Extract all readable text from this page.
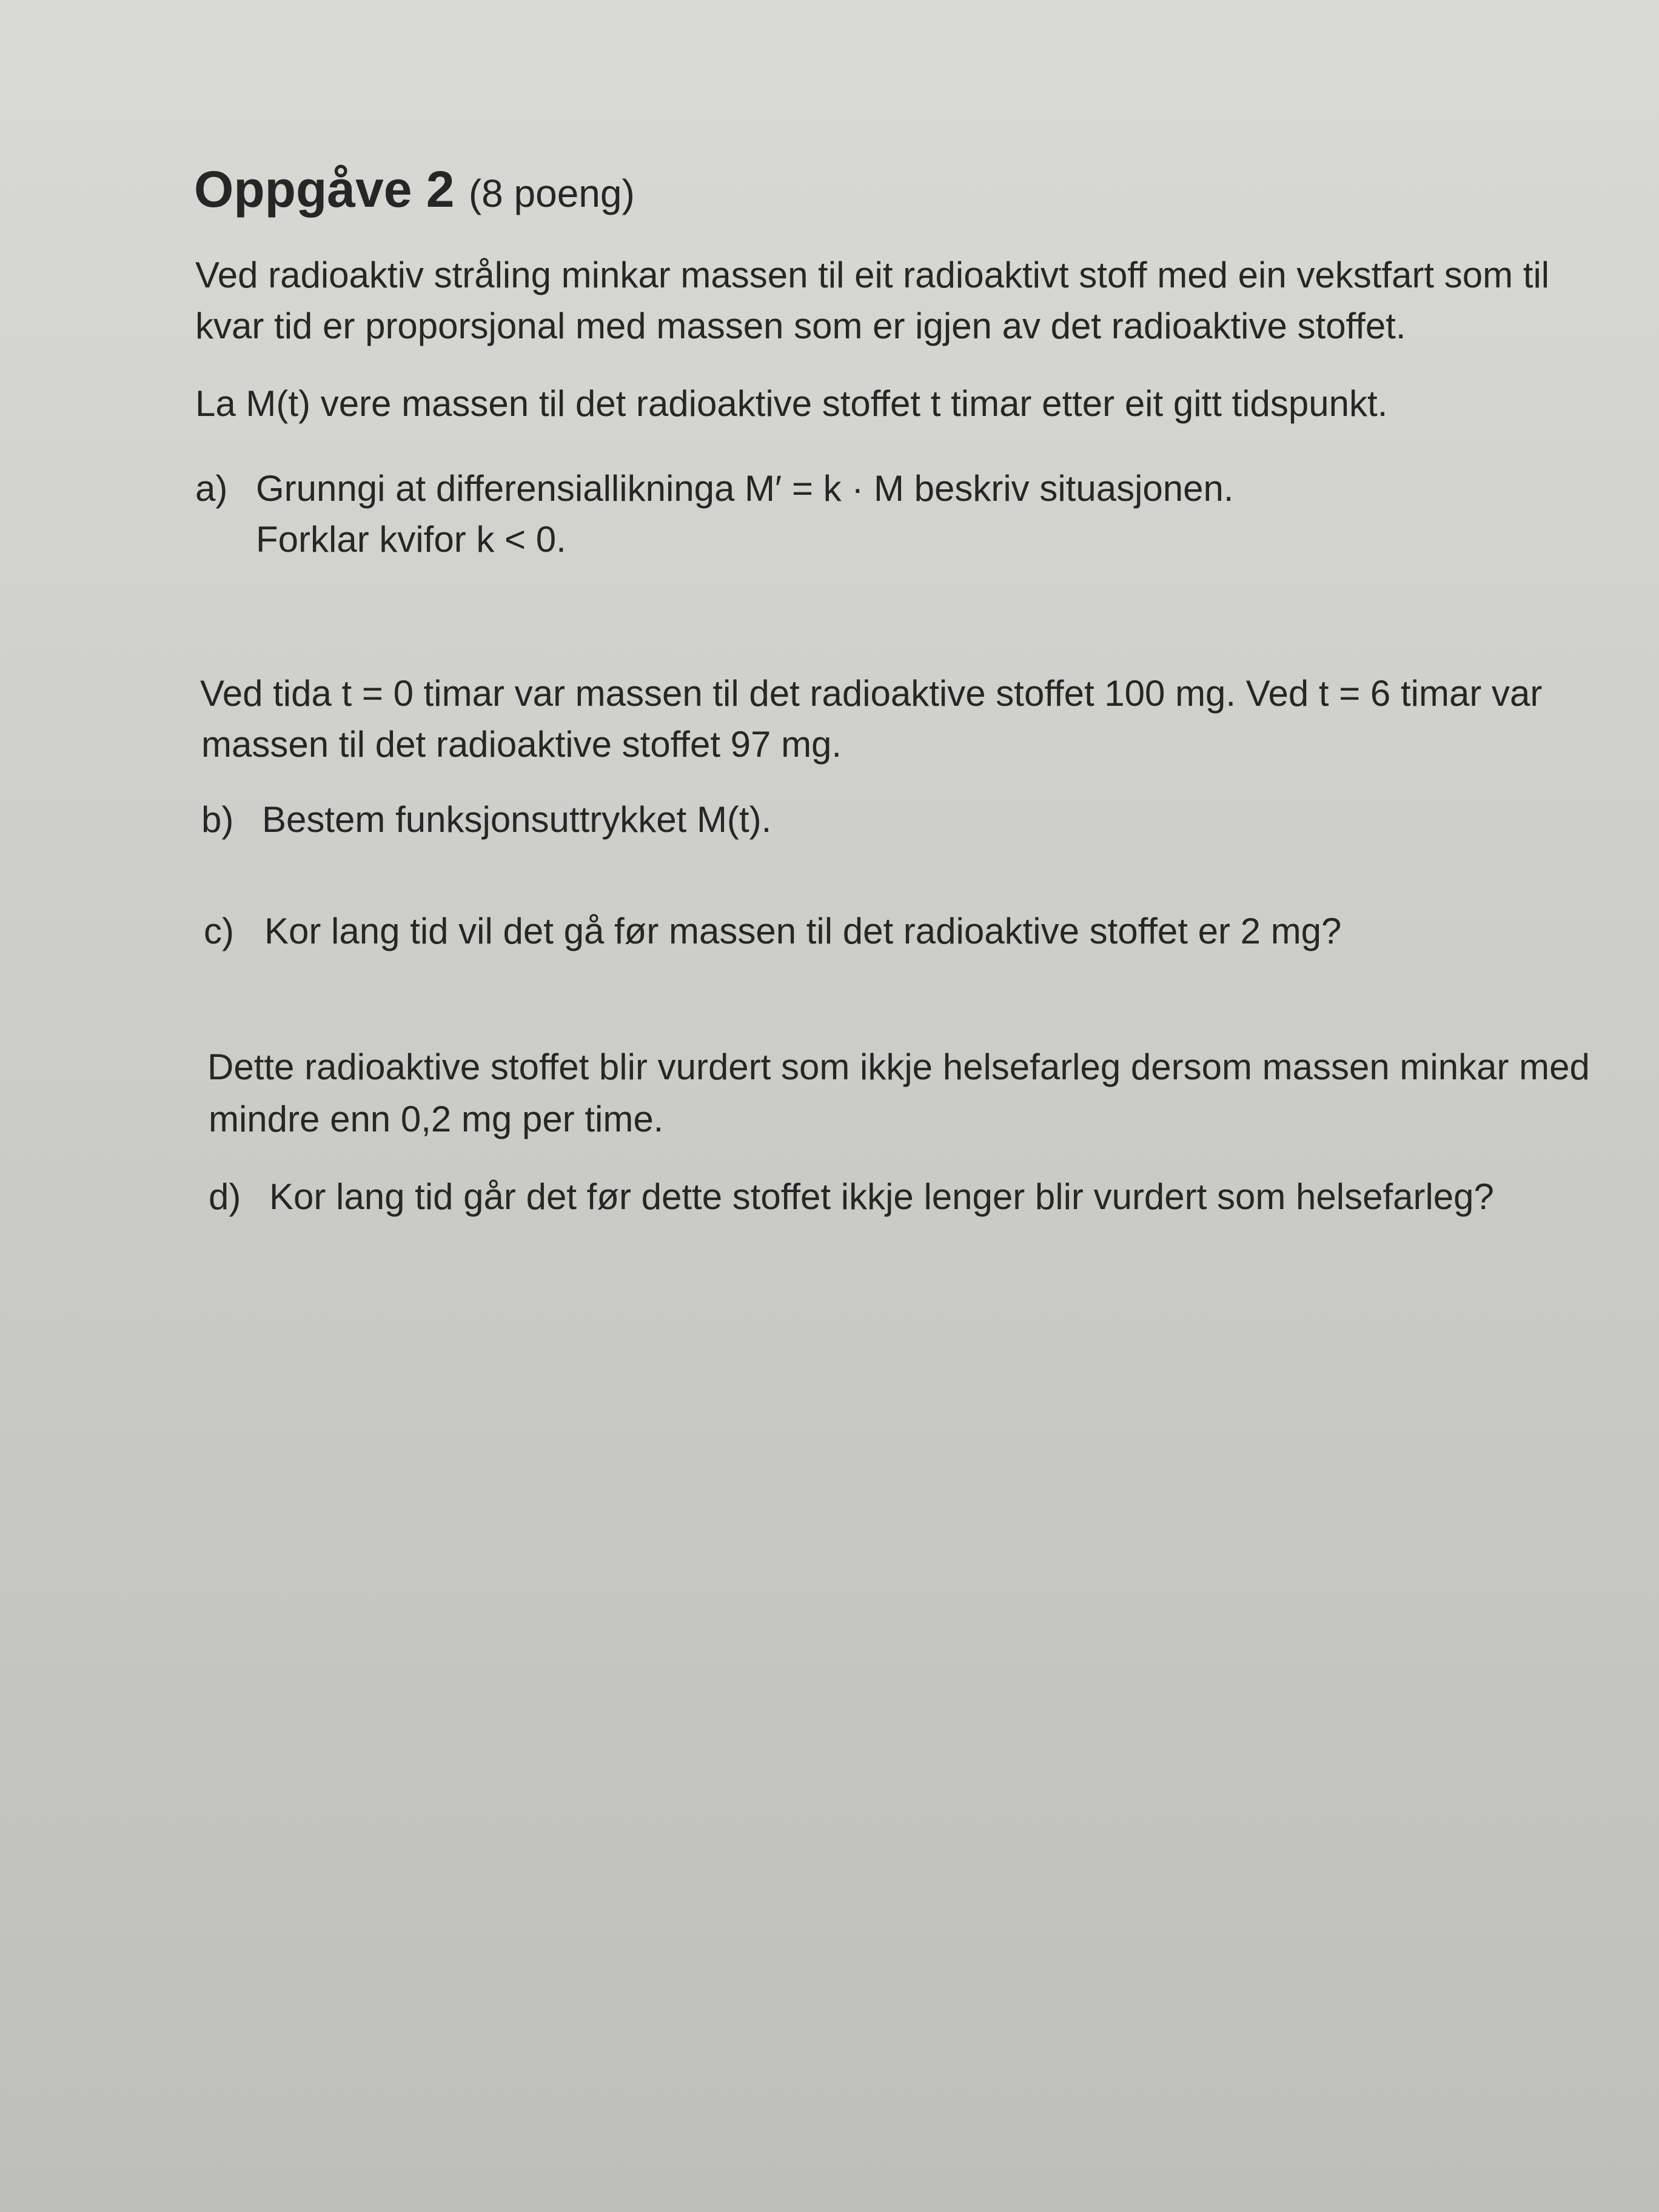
Oppgåve 2 (8 poeng)
Ved radioaktiv stråling minkar massen til eit radioaktivt stoff med ein vekstfart som til
kvar tid er proporsjonal med massen som er igjen av det radioaktive stoffet.
La M(t) vere massen til det radioaktive stoffet t timar etter eit gitt tidspunkt.
a) Grunngi at differensiallikninga M′ = k · M beskriv situasjonen.
Forklar kvifor k < 0.
Ved tida t = 0 timar var massen til det radioaktive stoffet 100 mg. Ved t = 6 timar var
massen til det radioaktive stoffet 97 mg.
b) Bestem funksjonsuttrykket M(t).
c) Kor lang tid vil det gå før massen til det radioaktive stoffet er 2 mg?
Dette radioaktive stoffet blir vurdert som ikkje helsefarleg dersom massen minkar med
mindre enn 0,2 mg per time.
d) Kor lang tid går det før dette stoffet ikkje lenger blir vurdert som helsefarleg?
